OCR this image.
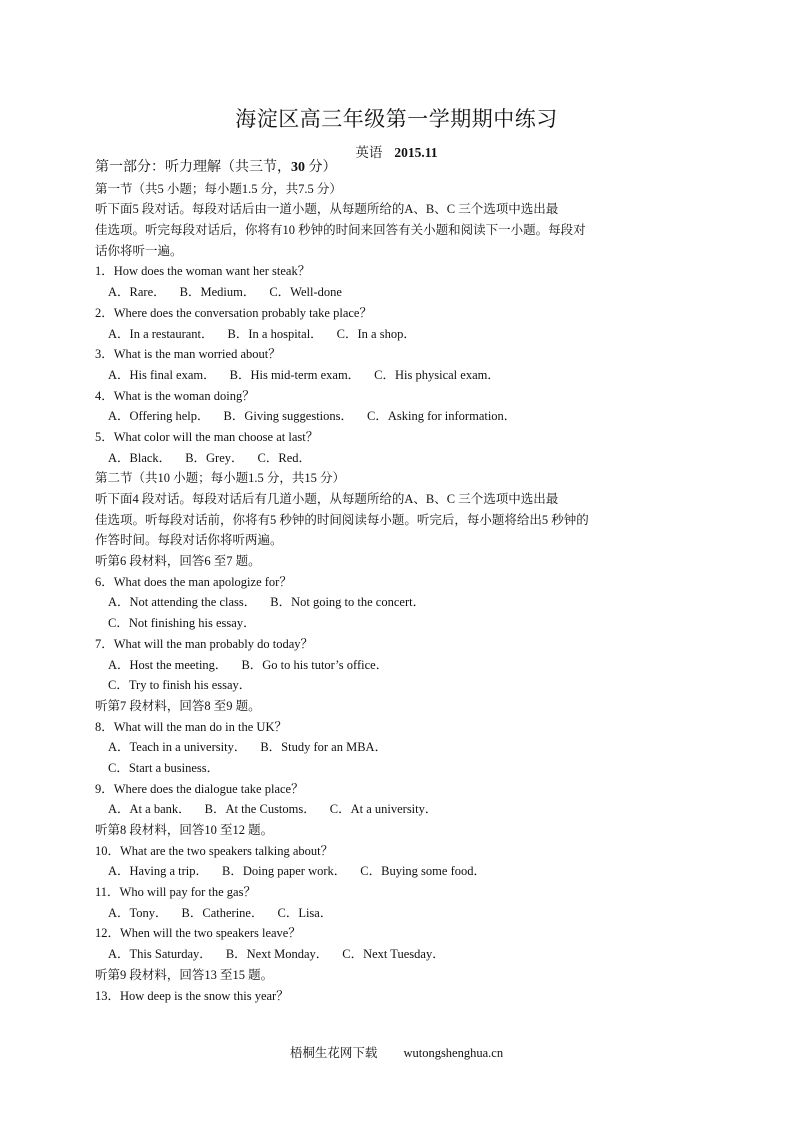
海淀区高三年级第一学期期中练习
英语 2015.11
第一部分：听力理解（共三节，30 分）
第一节（共5 小题；每小题1.5 分，共7.5 分）
听下面5 段对话。每段对话后由一道小题，从每题所给的A、B、C 三个选项中选出最
佳选项。听完每段对话后，你将有10 秒钟的时间来回答有关小题和阅读下一小题。每段对
话你将听一遍。
1．How does the woman want her steak？
A．Rare． B．Medium． C．Well-done
2．Where does the conversation probably take place？
A．In a restaurant． B．In a hospital． C．In a shop．
3．What is the man worried about？
A．His final exam． B．His mid-term exam． C．His physical exam．
4．What is the woman doing？
A．Offering help． B．Giving suggestions． C．Asking for information．
5．What color will the man choose at last？
A．Black． B．Grey． C．Red．
第二节（共10 小题；每小题1.5 分，共15 分）
听下面4 段对话。每段对话后有几道小题，从每题所给的A、B、C 三个选项中选出最
佳选项。听每段对话前，你将有5 秒钟的时间阅读每小题。听完后，每小题将给出5 秒钟的
作答时间。每段对话你将听两遍。
听第6 段材料，回答6 至7 题。
6．What does the man apologize for？
A．Not attending the class． B．Not going to the concert．
C．Not finishing his essay．
7．What will the man probably do today？
A．Host the meeting． B．Go to his tutor’s office．
C．Try to finish his essay．
听第7 段材料，回答8 至9 题。
8．What will the man do in the UK？
A．Teach in a university． B．Study for an MBA．
C．Start a business．
9．Where does the dialogue take place？
A．At a bank． B．At the Customs． C．At a university．
听第8 段材料，回答10 至12 题。
10．What are the two speakers talking about？
A．Having a trip． B．Doing paper work． C．Buying some food．
11．Who will pay for the gas？
A．Tony． B．Catherine． C．Lisa．
12．When will the two speakers leave？
A．This Saturday． B．Next Monday． C．Next Tuesday．
听第9 段材料，回答13 至15 题。
13．How deep is the snow this year？
梧桐生花网下载 wutongshenghua.cn
